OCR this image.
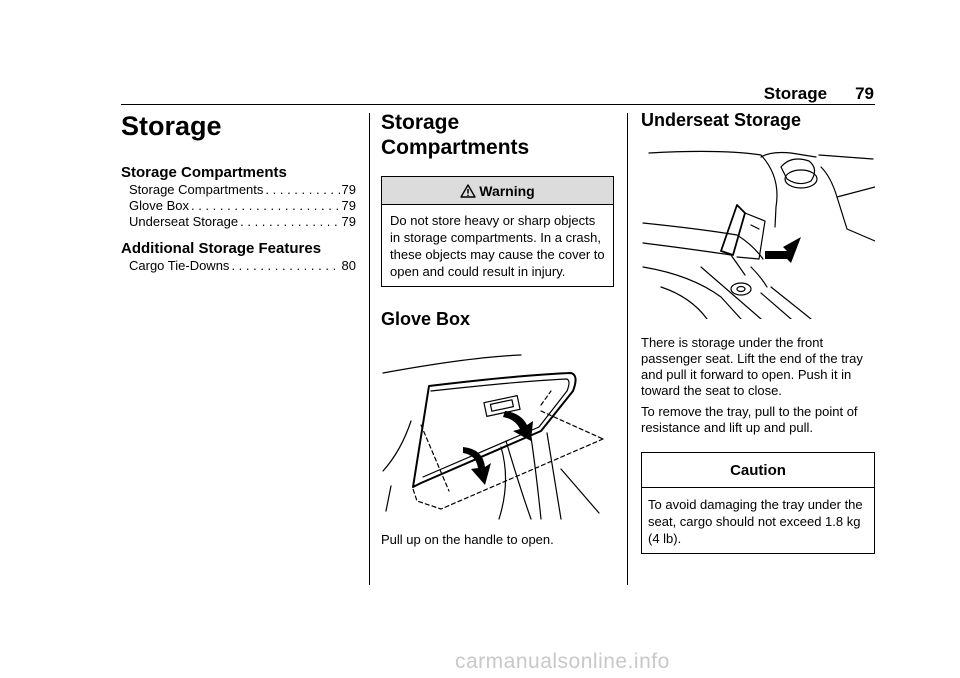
Storage 79
Storage
Storage Compartments
Storage Compartments . . .	79
Glove Box . . .	79
Underseat Storage . . .	79
Additional Storage Features
Cargo Tie-Downs . . .	80
Storage
Compartments
Warning
Do not store heavy or sharp objects in storage compartments. In a crash, these objects may cause the cover to open and could result in injury.
Glove Box

Pull up on the handle to open.

Underseat Storage

There is storage under the front passenger seat. Lift the end of the tray and pull it forward to open. Push it in toward the seat to close.

To remove the tray, pull to the point of resistance and lift up and pull.

Caution
To avoid damaging the tray under the seat, cargo should not exceed 1.8 kg (4 lb).
carmanualsonline.info
